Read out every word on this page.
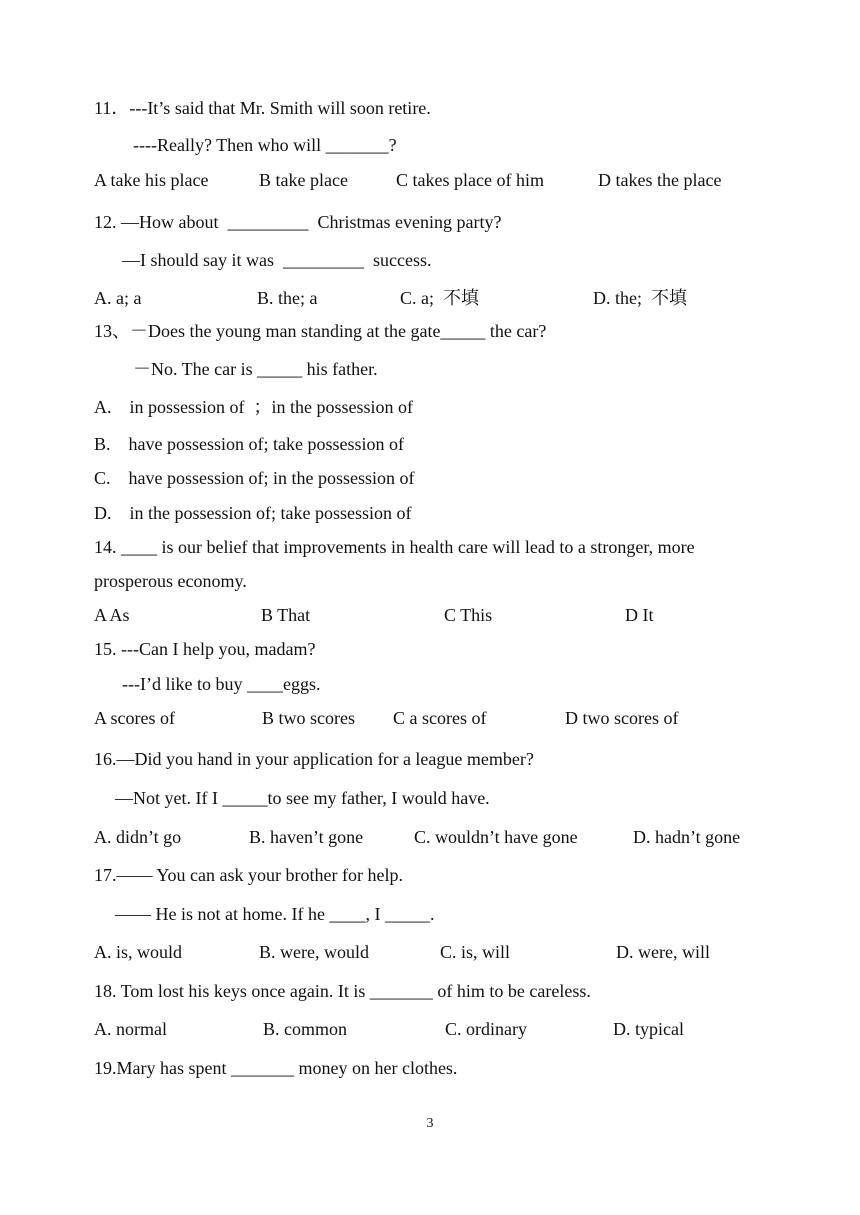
11．---It’s said that Mr. Smith will soon retire.
----Really? Then who will _______?
A take his place	B take place	C takes place of him	D takes the place
12. —How about  _________  Christmas evening party?
—I should say it was  _________  success.
A. a; a	B. the; a	C. a;  不填	D. the;  不填
13、－Does the young man standing at the gate_____ the car?
－No. The car is _____ his father.
A.    in possession of  ；in the possession of
B.    have possession of; take possession of
C.    have possession of; in the possession of
D.    in the possession of; take possession of
14. ____ is our belief that improvements in health care will lead to a stronger, more
prosperous economy.
A As	B That	C This	D It
15. ---Can I help you, madam?
---I’d like to buy ____eggs.
A scores of	B two scores C a scores of	D two scores of
16.—Did you hand in your application for a league member?
—Not yet. If I _____to see my father, I would have.
A. didn’t go	B. haven’t gone	C. wouldn’t have gone	D. hadn’t gone
17.—— You can ask your brother for help.
—— He is not at home. If he ____, I _____.
A. is, would	B. were, would	C. is, will	D. were, will
18. Tom lost his keys once again. It is _______ of him to be careless.
A. normal	B. common	C. ordinary	D. typical
19.Mary has spent _______ money on her clothes.
3
